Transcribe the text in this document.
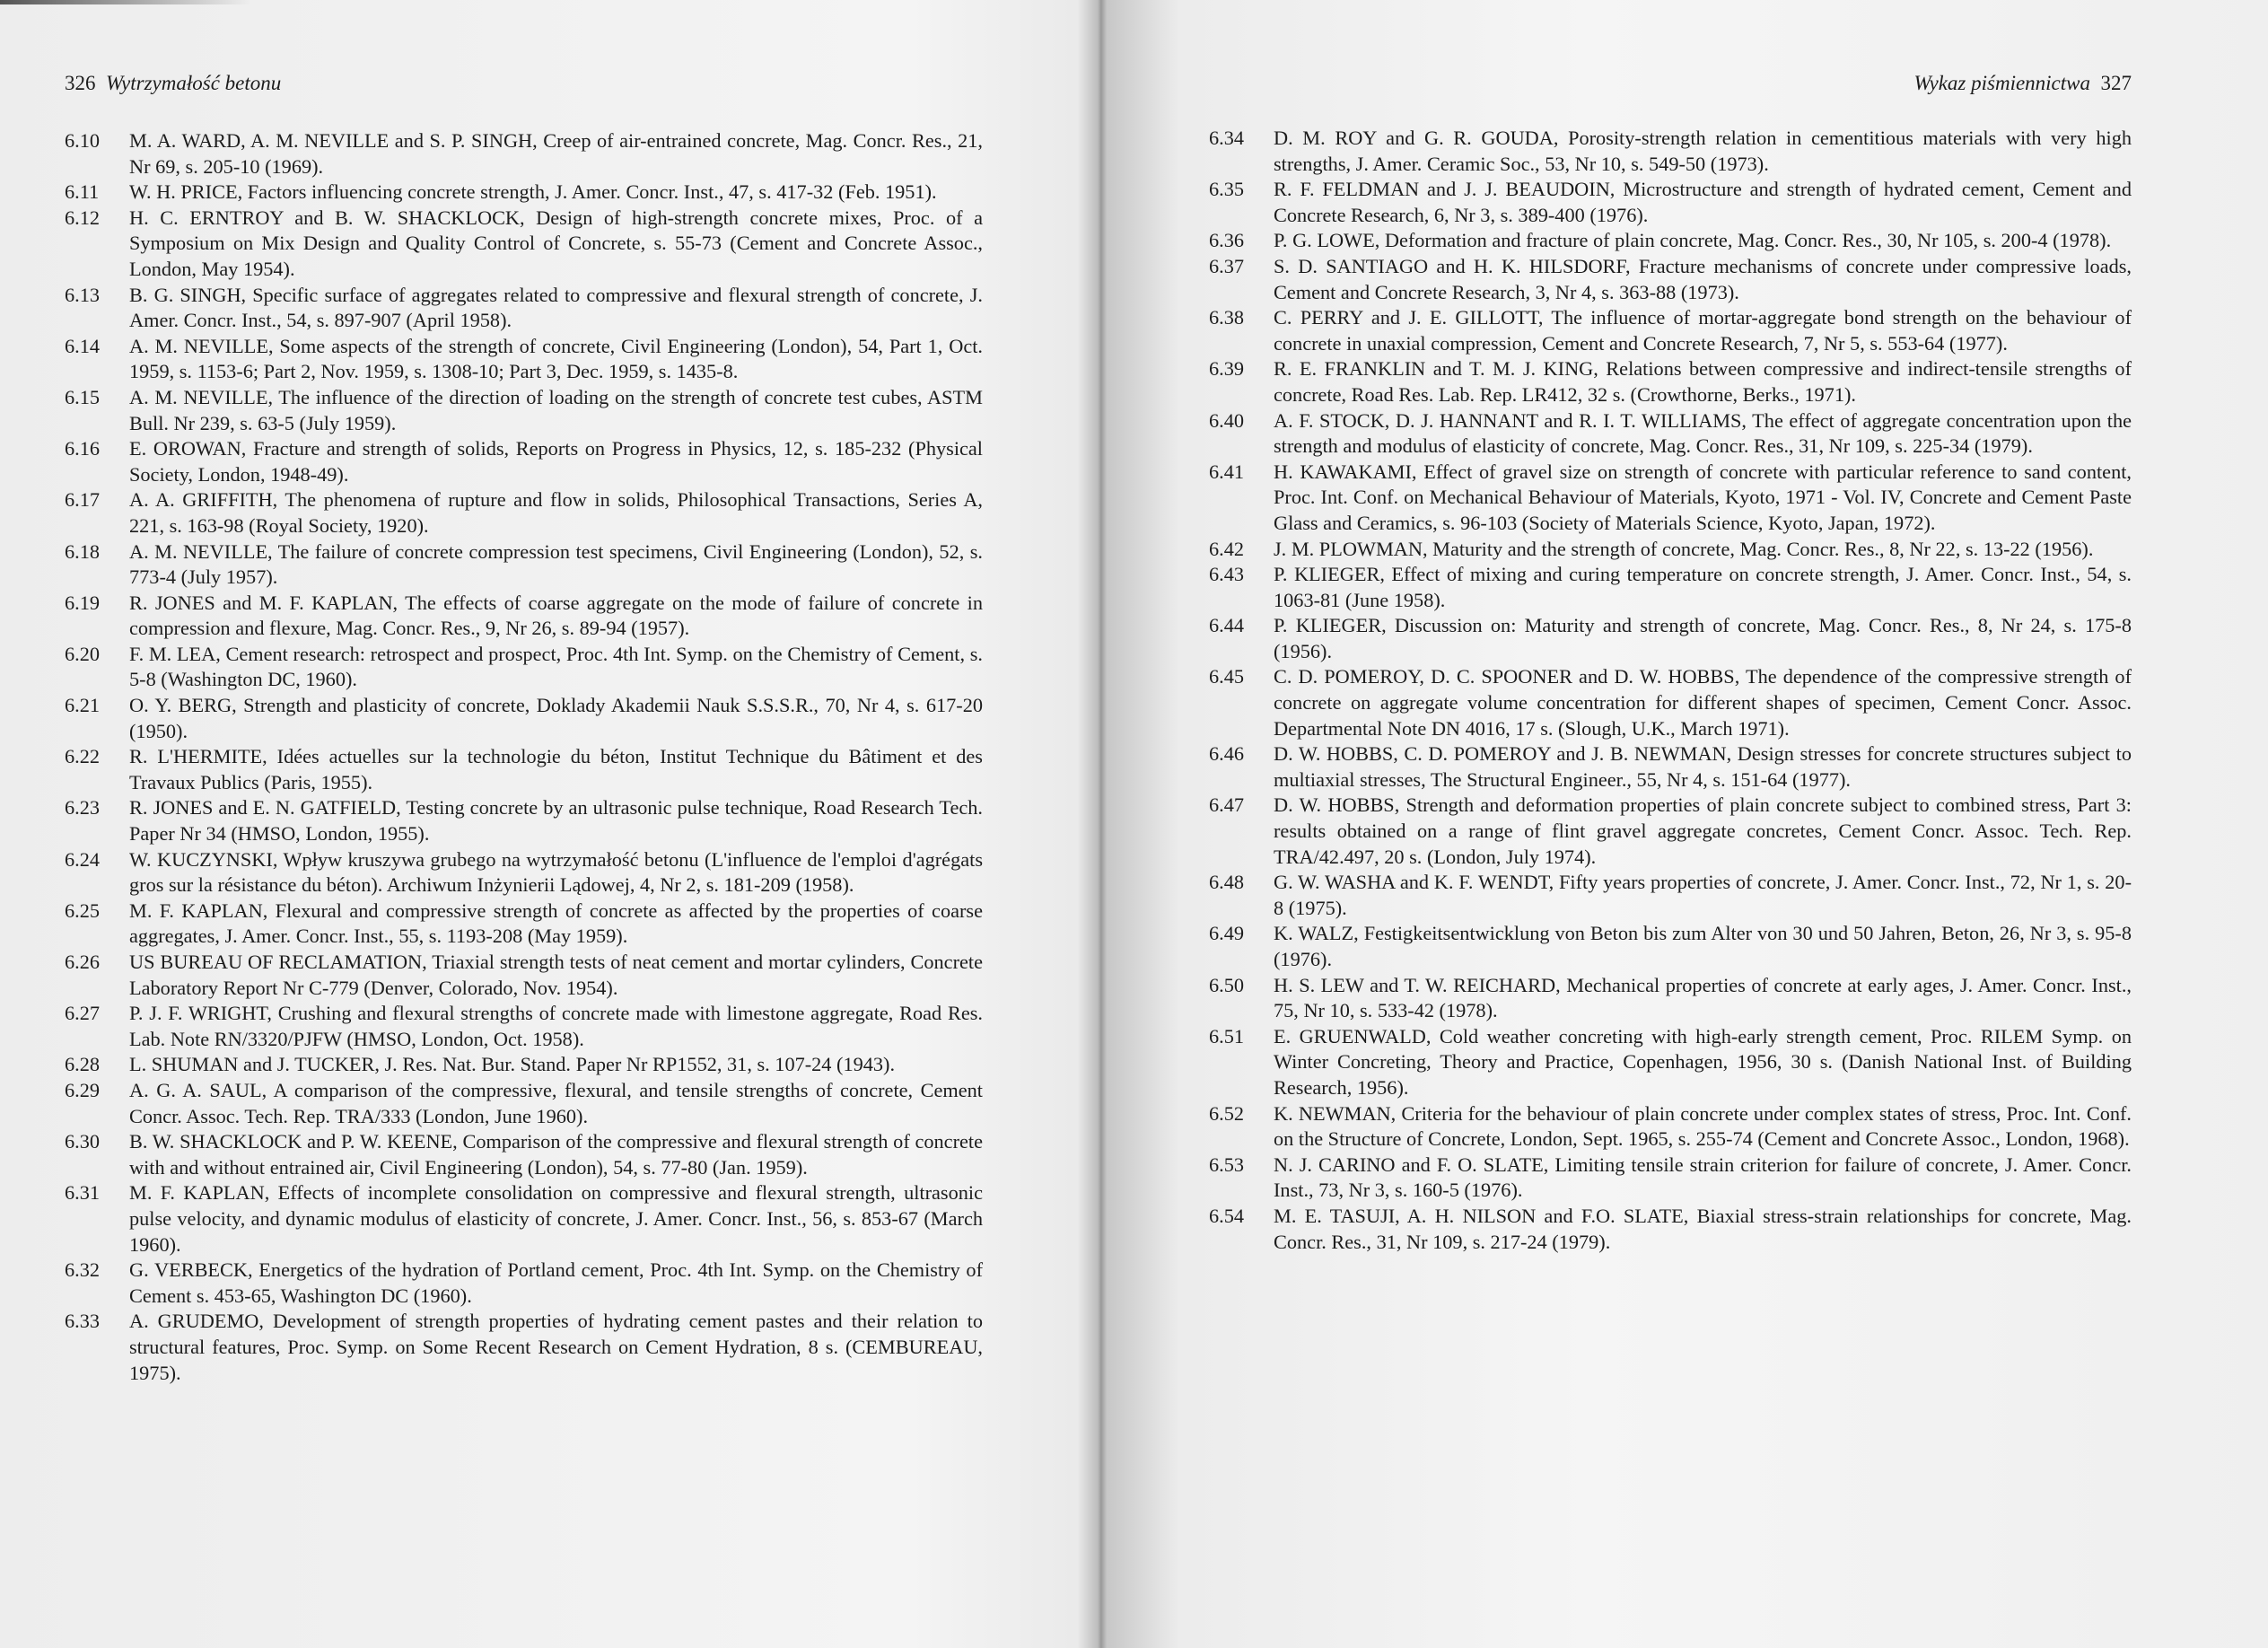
326 Wytrzymałość betonu
6.10	M. A. WARD, A. M. NEVILLE and S. P. SINGH, Creep of air-entrained concrete, Mag. Concr. Res., 21, Nr 69, s. 205-10 (1969).
6.11	W. H. PRICE, Factors influencing concrete strength, J. Amer. Concr. Inst., 47, s. 417-32 (Feb. 1951).
6.12	H. C. ERNTROY and B. W. SHACKLOCK, Design of high-strength concrete mixes, Proc. of a Symposium on Mix Design and Quality Control of Concrete, s. 55-73 (Cement and Concrete Assoc., London, May 1954).
6.13	B. G. SINGH, Specific surface of aggregates related to compressive and flexural strength of concrete, J. Amer. Concr. Inst., 54, s. 897-907 (April 1958).
6.14	A. M. NEVILLE, Some aspects of the strength of concrete, Civil Engineering (London), 54, Part 1, Oct. 1959, s. 1153-6; Part 2, Nov. 1959, s. 1308-10; Part 3, Dec. 1959, s. 1435-8.
6.15	A. M. NEVILLE, The influence of the direction of loading on the strength of concrete test cubes, ASTM Bull. Nr 239, s. 63-5 (July 1959).
6.16	E. OROWAN, Fracture and strength of solids, Reports on Progress in Physics, 12, s. 185-232 (Physical Society, London, 1948-49).
6.17	A. A. GRIFFITH, The phenomena of rupture and flow in solids, Philosophical Transactions, Series A, 221, s. 163-98 (Royal Society, 1920).
6.18	A. M. NEVILLE, The failure of concrete compression test specimens, Civil Engineering (London), 52, s. 773-4 (July 1957).
6.19	R. JONES and M. F. KAPLAN, The effects of coarse aggregate on the mode of failure of concrete in compression and flexure, Mag. Concr. Res., 9, Nr 26, s. 89-94 (1957).
6.20	F. M. LEA, Cement research: retrospect and prospect, Proc. 4th Int. Symp. on the Chemistry of Cement, s. 5-8 (Washington DC, 1960).
6.21	O. Y. BERG, Strength and plasticity of concrete, Doklady Akademii Nauk S.S.S.R., 70, Nr 4, s. 617-20 (1950).
6.22	R. L'HERMITE, Idées actuelles sur la technologie du béton, Institut Technique du Bâtiment et des Travaux Publics (Paris, 1955).
6.23	R. JONES and E. N. GATFIELD, Testing concrete by an ultrasonic pulse technique, Road Research Tech. Paper Nr 34 (HMSO, London, 1955).
6.24	W. KUCZYNSKI, Wpływ kruszywa grubego na wytrzymałość betonu (L'influence de l'emploi d'agrégats gros sur la résistance du béton). Archiwum Inżynierii Lądowej, 4, Nr 2, s. 181-209 (1958).
6.25	M. F. KAPLAN, Flexural and compressive strength of concrete as affected by the properties of coarse aggregates, J. Amer. Concr. Inst., 55, s. 1193-208 (May 1959).
6.26	US BUREAU OF RECLAMATION, Triaxial strength tests of neat cement and mortar cylinders, Concrete Laboratory Report Nr C-779 (Denver, Colorado, Nov. 1954).
6.27	P. J. F. WRIGHT, Crushing and flexural strengths of concrete made with limestone aggregate, Road Res. Lab. Note RN/3320/PJFW (HMSO, London, Oct. 1958).
6.28	L. SHUMAN and J. TUCKER, J. Res. Nat. Bur. Stand. Paper Nr RP1552, 31, s. 107-24 (1943).
6.29	A. G. A. SAUL, A comparison of the compressive, flexural, and tensile strengths of concrete, Cement Concr. Assoc. Tech. Rep. TRA/333 (London, June 1960).
6.30	B. W. SHACKLOCK and P. W. KEENE, Comparison of the compressive and flexural strength of concrete with and without entrained air, Civil Engineering (London), 54, s. 77-80 (Jan. 1959).
6.31	M. F. KAPLAN, Effects of incomplete consolidation on compressive and flexural strength, ultrasonic pulse velocity, and dynamic modulus of elasticity of concrete, J. Amer. Concr. Inst., 56, s. 853-67 (March 1960).
6.32	G. VERBECK, Energetics of the hydration of Portland cement, Proc. 4th Int. Symp. on the Chemistry of Cement s. 453-65, Washington DC (1960).
6.33	A. GRUDEMO, Development of strength properties of hydrating cement pastes and their relation to structural features, Proc. Symp. on Some Recent Research on Cement Hydration, 8 s. (CEMBUREAU, 1975).
Wykaz piśmiennictwa 327
6.34	D. M. ROY and G. R. GOUDA, Porosity-strength relation in cementitious materials with very high strengths, J. Amer. Ceramic Soc., 53, Nr 10, s. 549-50 (1973).
6.35	R. F. FELDMAN and J. J. BEAUDOIN, Microstructure and strength of hydrated cement, Cement and Concrete Research, 6, Nr 3, s. 389-400 (1976).
6.36	P. G. LOWE, Deformation and fracture of plain concrete, Mag. Concr. Res., 30, Nr 105, s. 200-4 (1978).
6.37	S. D. SANTIAGO and H. K. HILSDORF, Fracture mechanisms of concrete under compressive loads, Cement and Concrete Research, 3, Nr 4, s. 363-88 (1973).
6.38	C. PERRY and J. E. GILLOTT, The influence of mortar-aggregate bond strength on the behaviour of concrete in unaxial compression, Cement and Concrete Research, 7, Nr 5, s. 553-64 (1977).
6.39	R. E. FRANKLIN and T. M. J. KING, Relations between compressive and indirect-tensile strengths of concrete, Road Res. Lab. Rep. LR412, 32 s. (Crowthorne, Berks., 1971).
6.40	A. F. STOCK, D. J. HANNANT and R. I. T. WILLIAMS, The effect of aggregate concentration upon the strength and modulus of elasticity of concrete, Mag. Concr. Res., 31, Nr 109, s. 225-34 (1979).
6.41	H. KAWAKAMI, Effect of gravel size on strength of concrete with particular reference to sand content, Proc. Int. Conf. on Mechanical Behaviour of Materials, Kyoto, 1971 - Vol. IV, Concrete and Cement Paste Glass and Ceramics, s. 96-103 (Society of Materials Science, Kyoto, Japan, 1972).
6.42	J. M. PLOWMAN, Maturity and the strength of concrete, Mag. Concr. Res., 8, Nr 22, s. 13-22 (1956).
6.43	P. KLIEGER, Effect of mixing and curing temperature on concrete strength, J. Amer. Concr. Inst., 54, s. 1063-81 (June 1958).
6.44	P. KLIEGER, Discussion on: Maturity and strength of concrete, Mag. Concr. Res., 8, Nr 24, s. 175-8 (1956).
6.45	C. D. POMEROY, D. C. SPOONER and D. W. HOBBS, The dependence of the compressive strength of concrete on aggregate volume concentration for different shapes of specimen, Cement Concr. Assoc. Departmental Note DN 4016, 17 s. (Slough, U.K., March 1971).
6.46	D. W. HOBBS, C. D. POMEROY and J. B. NEWMAN, Design stresses for concrete structures subject to multiaxial stresses, The Structural Engineer., 55, Nr 4, s. 151-64 (1977).
6.47	D. W. HOBBS, Strength and deformation properties of plain concrete subject to combined stress, Part 3: results obtained on a range of flint gravel aggregate concretes, Cement Concr. Assoc. Tech. Rep. TRA/42.497, 20 s. (London, July 1974).
6.48	G. W. WASHA and K. F. WENDT, Fifty years properties of concrete, J. Amer. Concr. Inst., 72, Nr 1, s. 20-8 (1975).
6.49	K. WALZ, Festigkeitsentwicklung von Beton bis zum Alter von 30 und 50 Jahren, Beton, 26, Nr 3, s. 95-8 (1976).
6.50	H. S. LEW and T. W. REICHARD, Mechanical properties of concrete at early ages, J. Amer. Concr. Inst., 75, Nr 10, s. 533-42 (1978).
6.51	E. GRUENWALD, Cold weather concreting with high-early strength cement, Proc. RILEM Symp. on Winter Concreting, Theory and Practice, Copenhagen, 1956, 30 s. (Danish National Inst. of Building Research, 1956).
6.52	K. NEWMAN, Criteria for the behaviour of plain concrete under complex states of stress, Proc. Int. Conf. on the Structure of Concrete, London, Sept. 1965, s. 255-74 (Cement and Concrete Assoc., London, 1968).
6.53	N. J. CARINO and F. O. SLATE, Limiting tensile strain criterion for failure of concrete, J. Amer. Concr. Inst., 73, Nr 3, s. 160-5 (1976).
6.54	M. E. TASUJI, A. H. NILSON and F.O. SLATE, Biaxial stress-strain relationships for concrete, Mag. Concr. Res., 31, Nr 109, s. 217-24 (1979).
